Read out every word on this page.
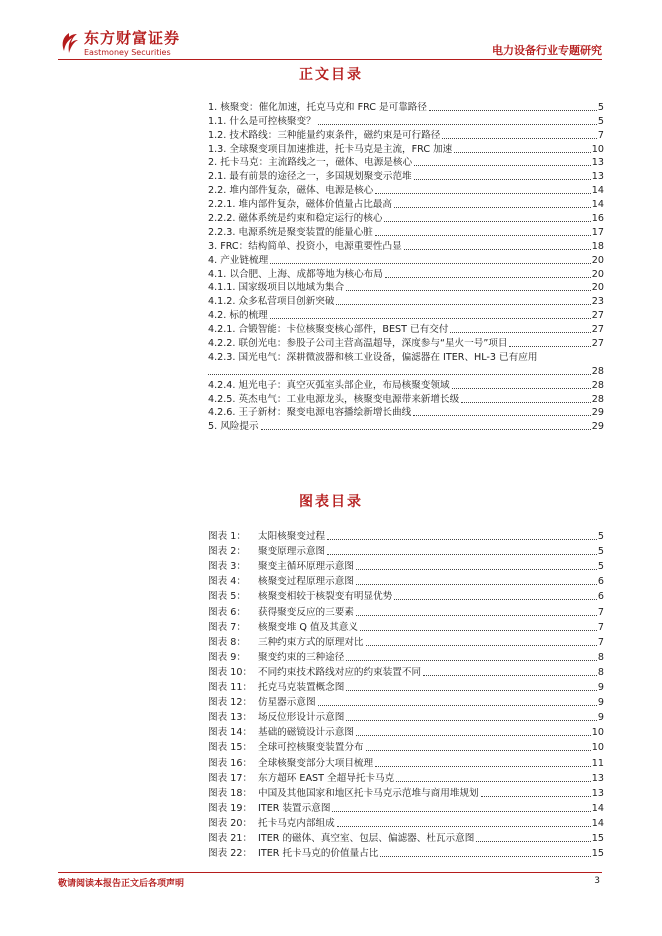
东方财富证券
Eastmoney Securities	电力设备行业专题研究
正文目录
1. 核聚变：催化加速，托克马克和 FRC 是可靠路径	5
1.1. 什么是可控核聚变？	5
1.2. 技术路线：三种能量约束条件，磁约束是可行路径	7
1.3. 全球聚变项目加速推进，托卡马克是主流，FRC 加速	10
2. 托卡马克：主流路线之一，磁体、电源是核心	13
2.1. 最有前景的途径之一，多国规划聚变示范堆	13
2.2. 堆内部件复杂，磁体、电源是核心	14
2.2.1. 堆内部件复杂，磁体价值量占比最高	14
2.2.2. 磁体系统是约束和稳定运行的核心	16
2.2.3. 电源系统是聚变装置的能量心脏	17
3. FRC：结构简单、投资小，电源重要性凸显	18
4. 产业链梳理	20
4.1. 以合肥、上海、成都等地为核心布局	20
4.1.1. 国家级项目以地域为集合	20
4.1.2. 众多私营项目创新突破	23
4.2. 标的梳理	27
4.2.1. 合锻智能：卡位核聚变核心部件，BEST 已有交付	27
4.2.2. 联创光电：参股子公司主营高温超导，深度参与“星火一号”项目	27
4.2.3. 国光电气：深耕微波器和核工业设备，偏滤器在 ITER、HL-3 已有应用
28
4.2.4. 旭光电子：真空灭弧室头部企业，布局核聚变领域	28
4.2.5. 英杰电气：工业电源龙头，核聚变电源带来新增长级	28
4.2.6. 王子新材：聚变电源电容播绘新增长曲线	29
5. 风险提示	29
图表目录
图表 1：	太阳核聚变过程	5
图表 2：	聚变原理示意图	5
图表 3：	聚变主循环原理示意图	5
图表 4：	核聚变过程原理示意图	6
图表 5：	核聚变相较于核裂变有明显优势	6
图表 6：	获得聚变反应的三要素	7
图表 7：	核聚变堆 Q 值及其意义	7
图表 8：	三种约束方式的原理对比	7
图表 9：	聚变约束的三种途径	8
图表 10： 不同约束技术路线对应的约束装置不同	8
图表 11： 托克马克装置概念图	9
图表 12： 仿星器示意图	9
图表 13： 场反位形设计示意图	9
图表 14： 基础的磁镜设计示意图	10
图表 15： 全球可控核聚变装置分布	10
图表 16： 全球核聚变部分大项目梳理	11
图表 17： 东方超环 EAST 全超导托卡马克	13
图表 18： 中国及其他国家和地区托卡马克示范堆与商用堆规划	13
图表 19： ITER 装置示意图	14
图表 20： 托卡马克内部组成	14
图表 21： ITER 的磁体、真空室、包层、偏滤器、杜瓦示意图	15
图表 22： ITER 托卡马克的价值量占比	15
敬请阅读本报告正文后各项声明	3
